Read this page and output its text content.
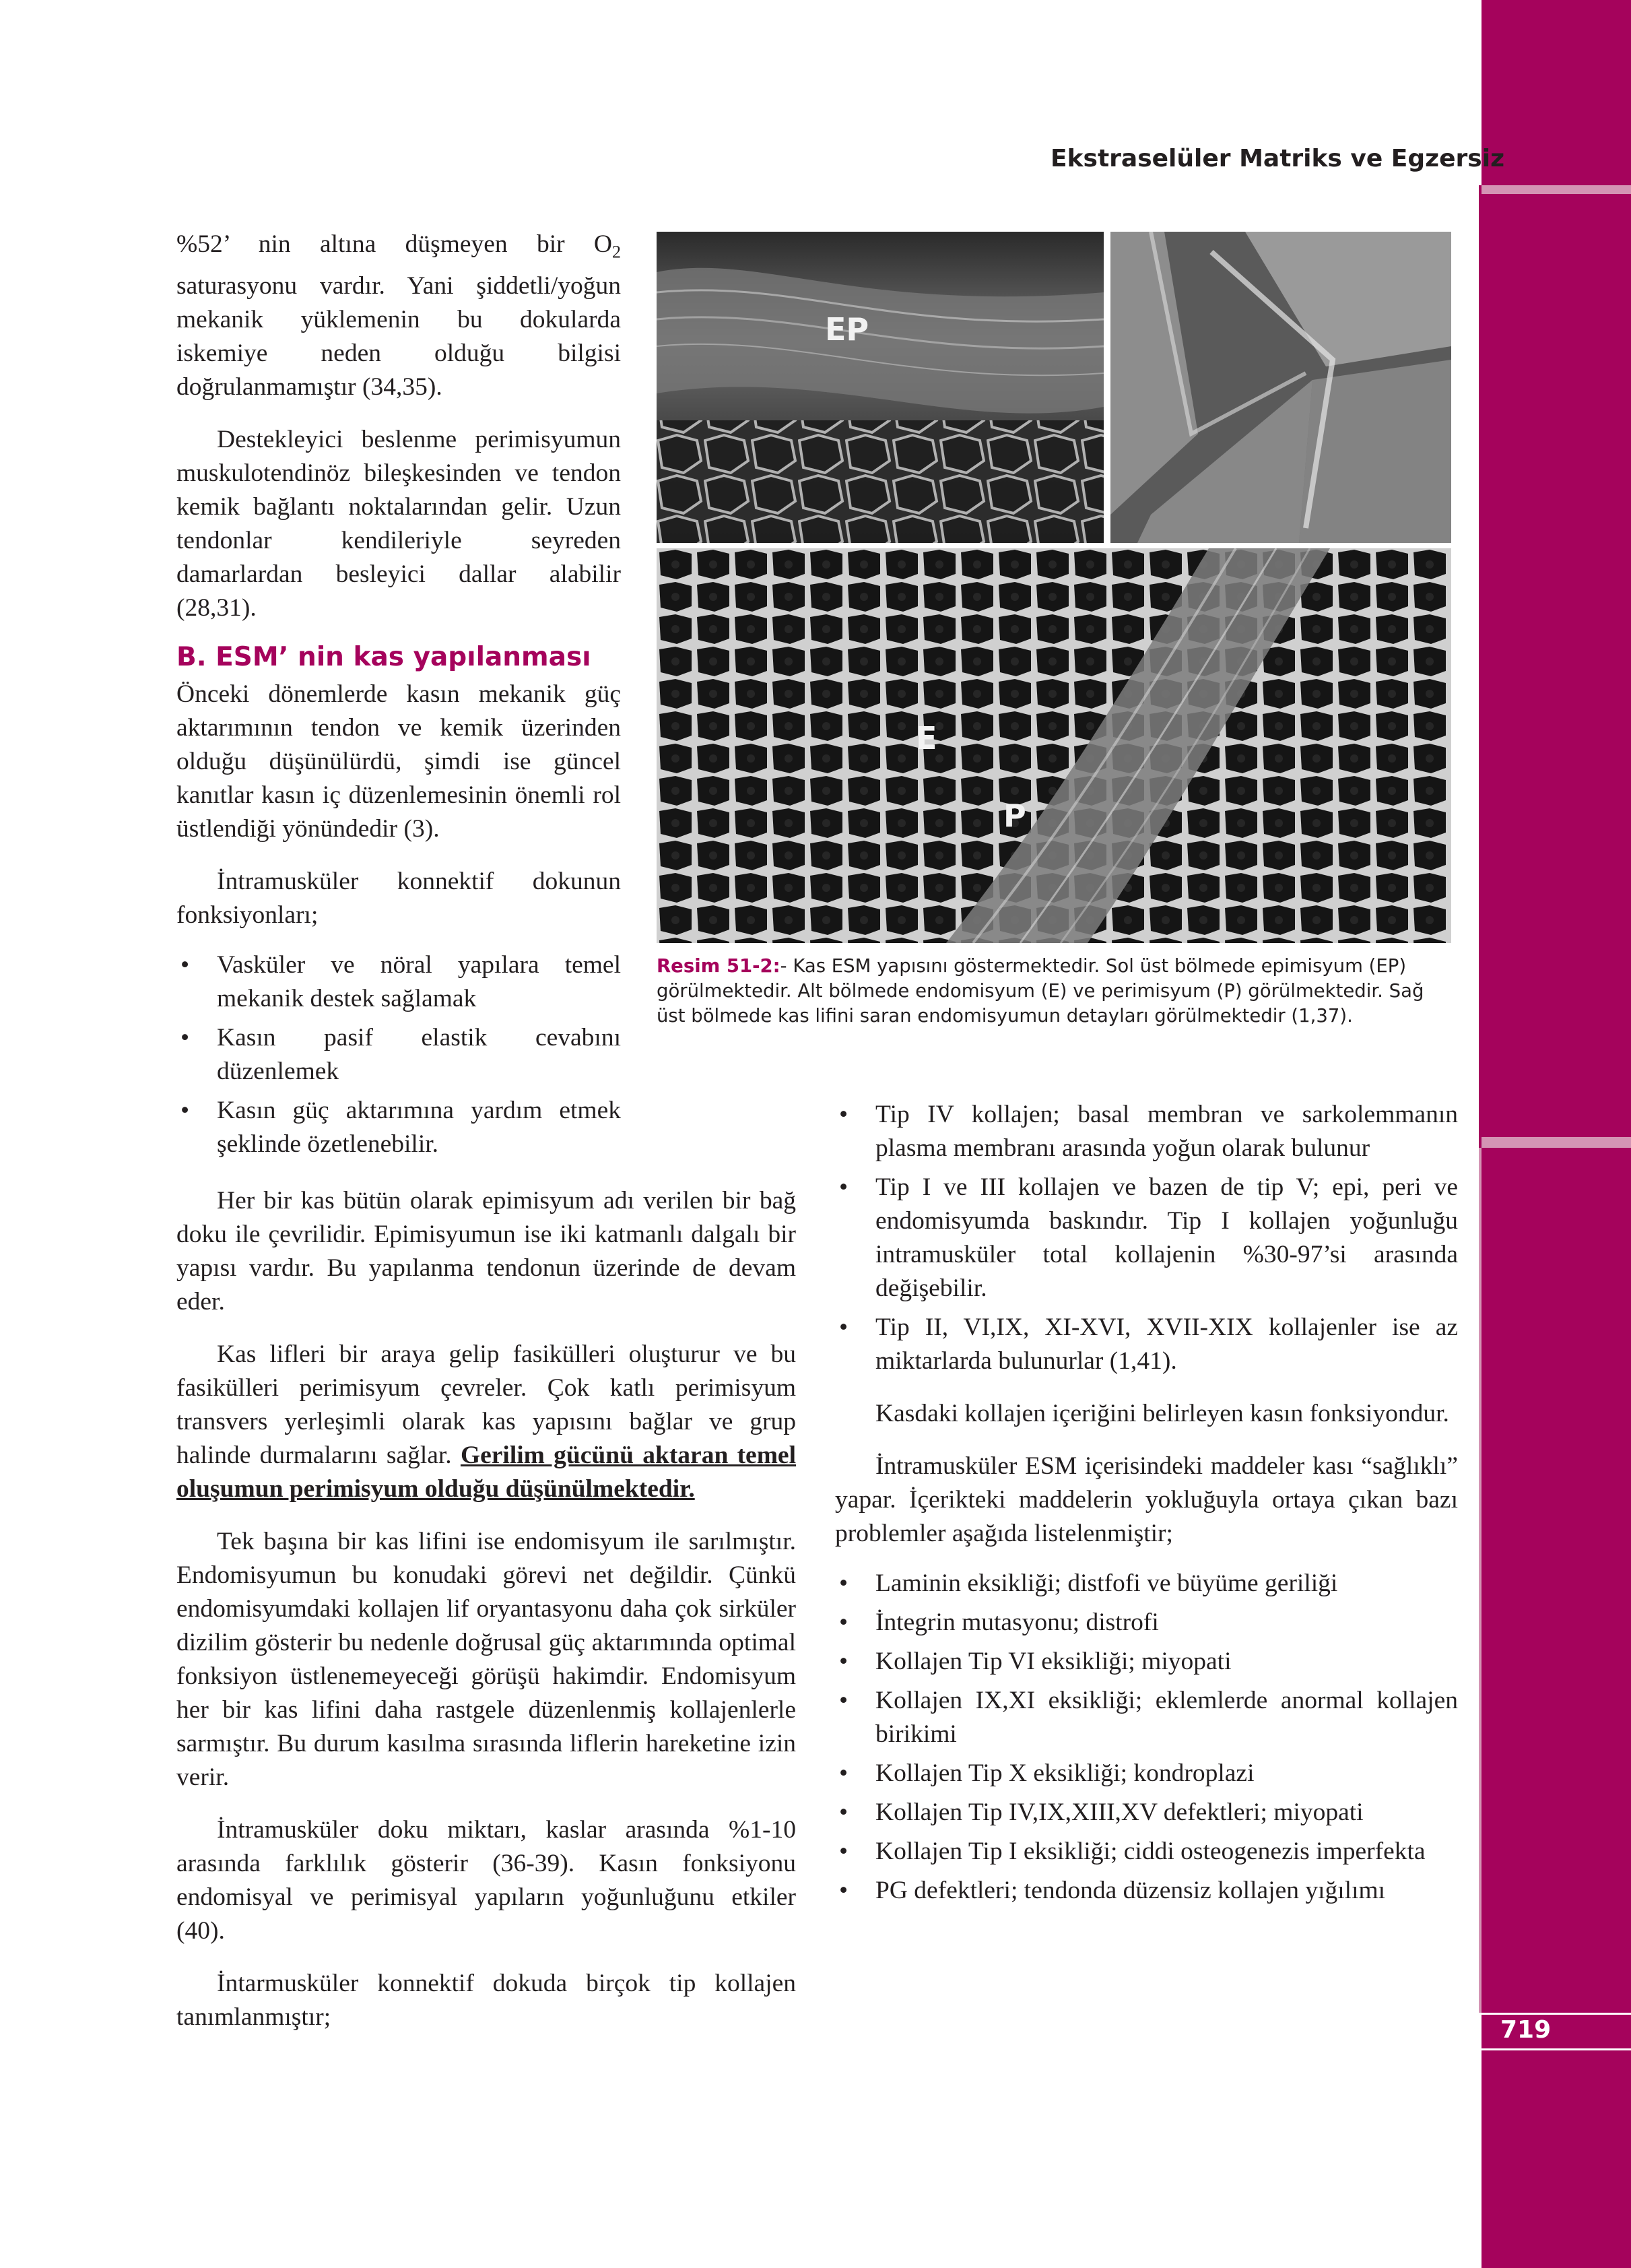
719
Ekstraselüler Matriks ve Egzersiz

%52’ nin altına düşmeyen bir $O_2$ saturasyonu vardır. Yani şiddetli/yoğun mekanik yüklemenin bu dokularda iskemiye neden olduğu bilgisi doğrulanmamıştır (34,35).

Destekleyici beslenme perimisyumun muskulotendinöz bileşkesinden ve tendon kemik bağlantı noktalarından gelir. Uzun tendonlar kendileriyle seyreden damarlardan besleyici dallar alabilir (28,31).

B. ESM’ nin kas yapılanması

Önceki dönemlerde kasın mekanik güç aktarımının tendon ve kemik üzerinden olduğu düşünülürdü, şimdi ise güncel kanıtlar kasın iç düzenlemesinin önemli rol üstlendiği yönündedir (3).

İntramusküler konnektif dokunun fonksiyonları;

• Vasküler ve nöral yapılara temel mekanik destek sağlamak
• Kasın pasif elastik cevabını düzenlemek
• Kasın güç aktarımına yardım etmek şeklinde özetlenebilir.

Her bir kas bütün olarak epimisyum adı verilen bir bağ doku ile çevrilidir. Epimisyumun ise iki katmanlı dalgalı bir yapısı vardır. Bu yapılanma tendonun üzerinde de devam eder.

Kas lifleri bir araya gelip fasikülleri oluşturur ve bu fasikülleri perimisyum çevreler. Çok katlı perimisyum transvers yerleşimli olarak kas yapısını bağlar ve grup halinde durmalarını sağlar. Gerilim gücünü aktaran temel oluşumun perimisyum olduğu düşünülmektedir.

Tek başına bir kas lifini ise endomisyum ile sarılmıştır. Endomisyumun bu konudaki görevi net değildir. Çünkü endomisyumdaki kollajen lif oryantasyonu daha çok sirküler dizilim gösterir bu nedenle doğrusal güç aktarımında optimal fonksiyon üstlenemeyeceği görüşü hakimdir. Endomisyum her bir kas lifini daha rastgele düzenlenmiş kollajenlerle sarmıştır. Bu durum kasılma sırasında liflerin hareketine izin verir.

İntramusküler doku miktarı, kaslar arasında %1-10 arasında farklılık gösterir (36-39). Kasın fonksiyonu endomisyal ve perimisyal yapıların yoğunluğunu etkiler (40).

İntarmusküler konnektif dokuda birçok tip kollajen tanımlanmıştır;

• Tip IV kollajen; basal membran ve sarkolemmanın plasma membranı arasında yoğun olarak bulunur
• Tip I ve III kollajen ve bazen de tip V; epi, peri ve endomisyumda baskındır. Tip I kollajen yoğunluğu intramusküler total kollajenin %30-97’si arasında değişebilir.
• Tip II, VI,IX, XI-XVI, XVII-XIX kollajenler ise az miktarlarda bulunurlar (1,41).

Kasdaki kollajen içeriğini belirleyen kasın fonksiyondur.

İntramusküler ESM içerisindeki maddeler kası “sağlıklı” yapar. İçerikteki maddelerin yokluğuyla ortaya çıkan bazı problemler aşağıda listelenmiştir;

• Laminin eksikliği; distfofi ve büyüme geriliği
• İntegrin mutasyonu; distrofi
• Kollajen Tip VI eksikliği; miyopati
• Kollajen IX,XI eksikliği; eklemlerde anormal kollajen birikimi
• Kollajen Tip X eksikliği; kondroplazi
• Kollajen Tip IV,IX,XIII,XV defektleri; miyopati
• Kollajen Tip I eksikliği; ciddi osteogenezis imperfekta
• PG defektleri; tendonda düzensiz kollajen yığılımı
EP
E
P
Resim 51-2:- Kas ESM yapısını göstermektedir. Sol üst bölmede epimisyum (EP) görülmektedir. Alt bölmede endomisyum (E) ve perimisyum (P) görülmektedir. Sağ üst bölmede kas lifini saran endomisyumun detayları görülmektedir (1,37).
